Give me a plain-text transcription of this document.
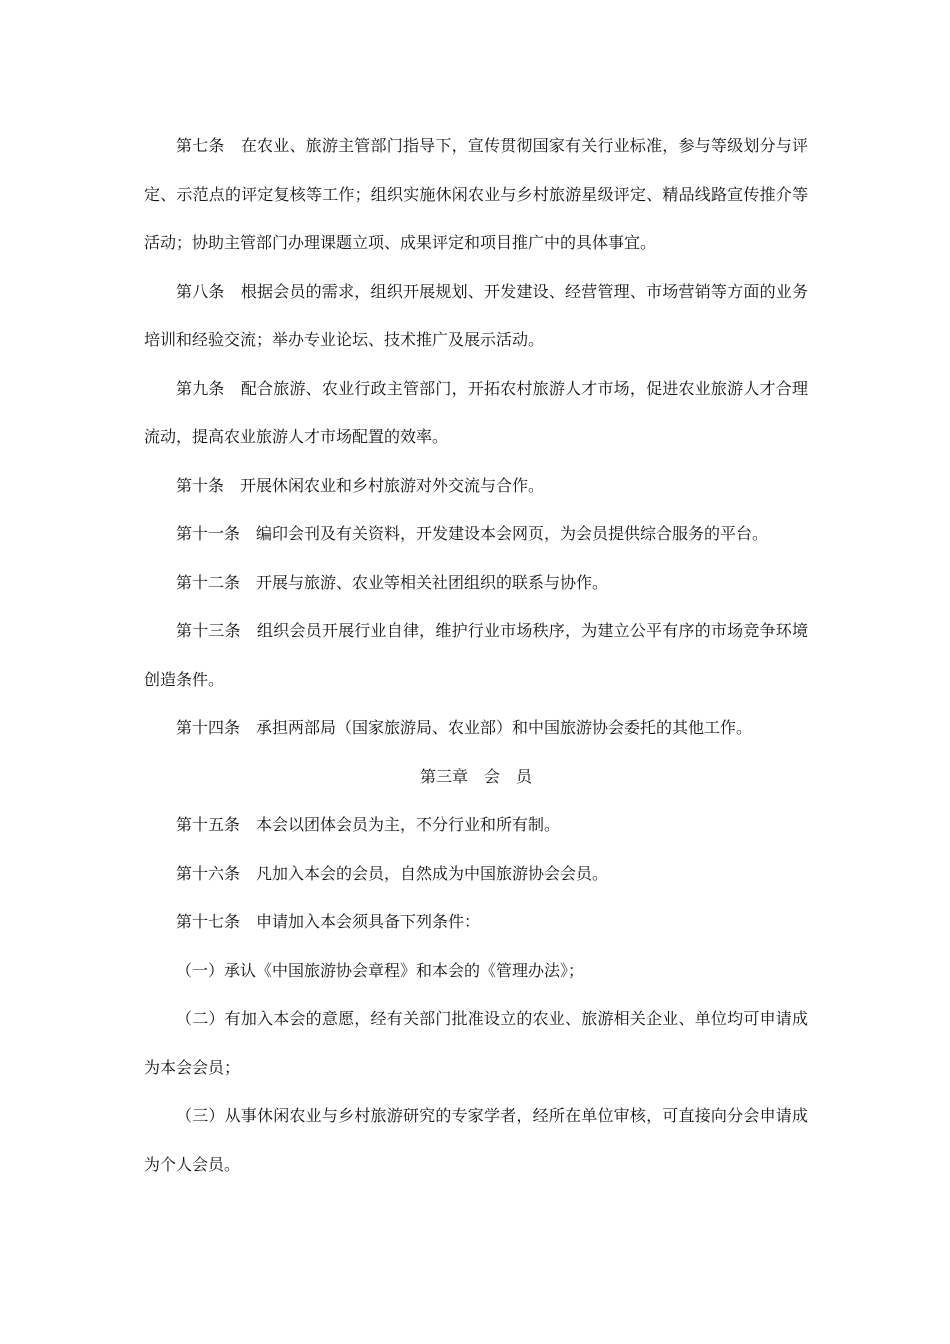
第七条　在农业、旅游主管部门指导下，宣传贯彻国家有关行业标准，参与等级划分与评定、示范点的评定复核等工作；组织实施休闲农业与乡村旅游星级评定、精品线路宣传推介等活动；协助主管部门办理课题立项、成果评定和项目推广中的具体事宜。

第八条　根据会员的需求，组织开展规划、开发建设、经营管理、市场营销等方面的业务培训和经验交流；举办专业论坛、技术推广及展示活动。

第九条　配合旅游、农业行政主管部门，开拓农村旅游人才市场，促进农业旅游人才合理流动，提高农业旅游人才市场配置的效率。

第十条　开展休闲农业和乡村旅游对外交流与合作。

第十一条　编印会刊及有关资料，开发建设本会网页，为会员提供综合服务的平台。

第十二条　开展与旅游、农业等相关社团组织的联系与协作。

第十三条　组织会员开展行业自律，维护行业市场秩序，为建立公平有序的市场竞争环境创造条件。

第十四条　承担两部局（国家旅游局、农业部）和中国旅游协会委托的其他工作。

第三章　会　员

第十五条　本会以团体会员为主，不分行业和所有制。

第十六条　凡加入本会的会员，自然成为中国旅游协会会员。

第十七条　申请加入本会须具备下列条件：

（一）承认《中国旅游协会章程》和本会的《管理办法》；

（二）有加入本会的意愿，经有关部门批准设立的农业、旅游相关企业、单位均可申请成为本会会员；

（三）从事休闲农业与乡村旅游研究的专家学者，经所在单位审核，可直接向分会申请成为个人会员。
